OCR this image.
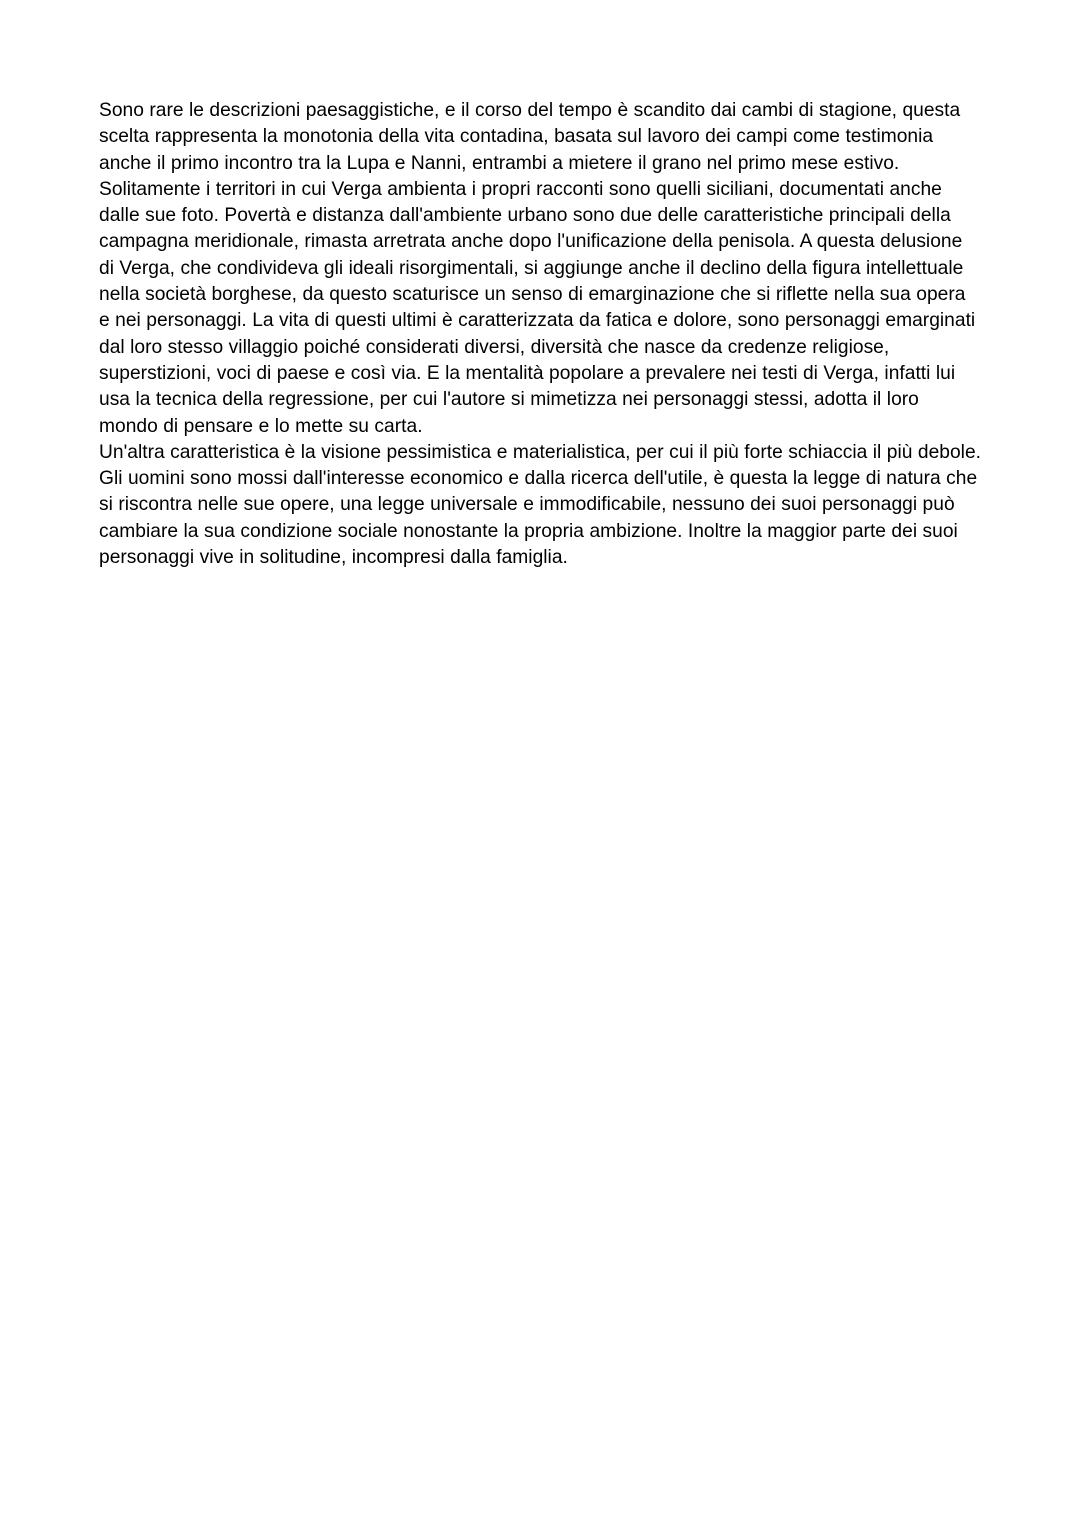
Sono rare le descrizioni paesaggistiche, e il corso del tempo è scandito dai cambi di stagione, questa scelta rappresenta la monotonia della vita contadina, basata sul lavoro dei campi come testimonia anche il primo incontro tra la Lupa e Nanni, entrambi a mietere il grano nel primo mese estivo. Solitamente i territori in cui Verga ambienta i propri racconti sono quelli siciliani, documentati anche dalle sue foto. Povertà e distanza dall'ambiente urbano sono due delle caratteristiche principali della campagna meridionale, rimasta arretrata anche dopo l'unificazione della penisola. A questa delusione di Verga, che condivideva gli ideali risorgimentali, si aggiunge anche il declino della figura intellettuale nella società borghese, da questo scaturisce un senso di emarginazione che si riflette nella sua opera e nei personaggi. La vita di questi ultimi è caratterizzata da fatica e dolore, sono personaggi emarginati dal loro stesso villaggio poiché considerati diversi, diversità che nasce da credenze religiose, superstizioni, voci di paese e così via. E la mentalità popolare a prevalere nei testi di Verga, infatti lui usa la tecnica della regressione, per cui l'autore si mimetizza nei personaggi stessi, adotta il loro mondo di pensare e lo mette su carta.

Un'altra caratteristica è la visione pessimistica e materialistica, per cui il più forte schiaccia il più debole. Gli uomini sono mossi dall'interesse economico e dalla ricerca dell'utile, è questa la legge di natura che si riscontra nelle sue opere, una legge universale e immodificabile, nessuno dei suoi personaggi può cambiare la sua condizione sociale nonostante la propria ambizione. Inoltre la maggior parte dei suoi personaggi vive in solitudine, incompresi dalla famiglia.
